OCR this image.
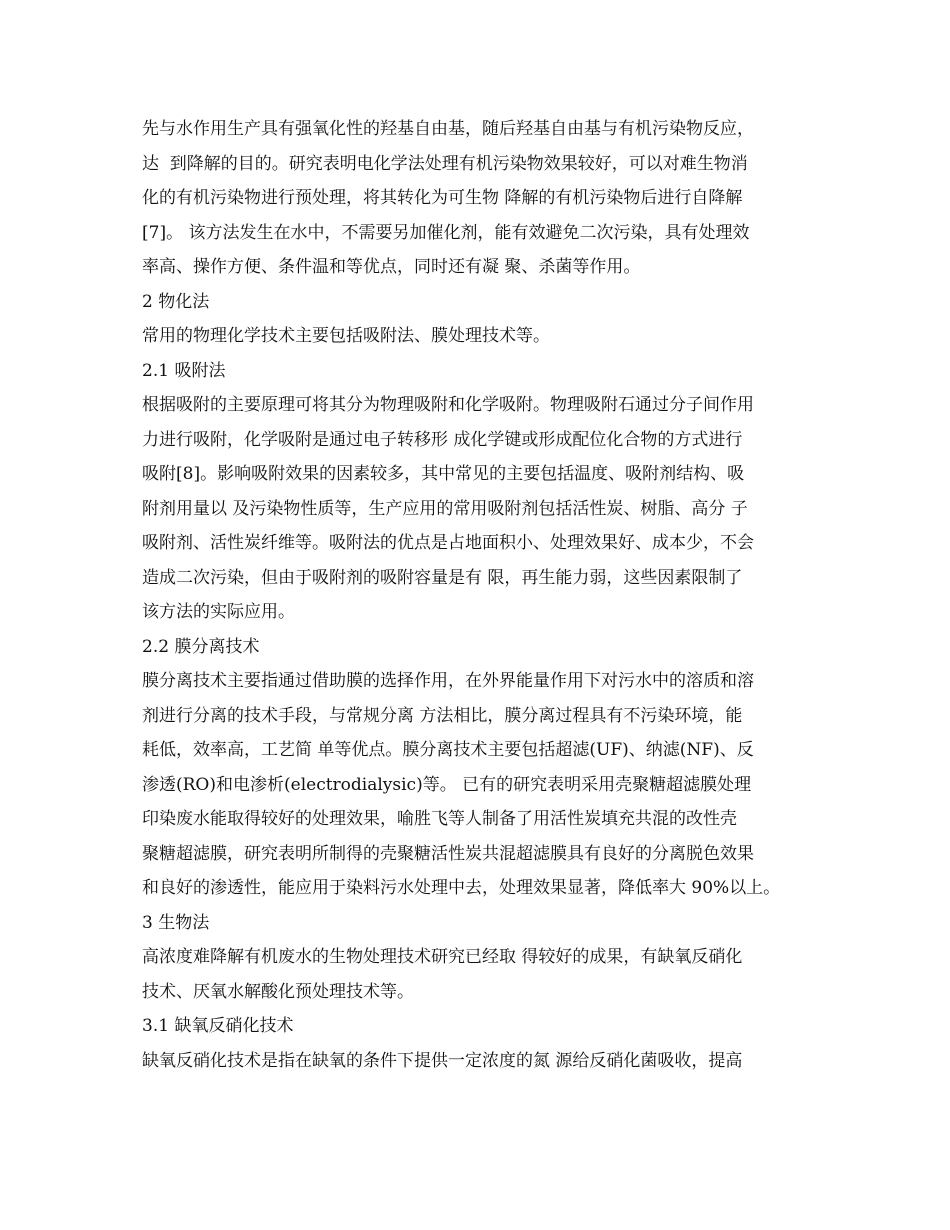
先与水作用生产具有强氧化性的羟基自由基，随后羟基自由基与有机污染物反应，
达  到降解的目的。研究表明电化学法处理有机污染物效果较好，可以对难生物消
化的有机污染物进行预处理，将其转化为可生物 降解的有机污染物后进行自降解
[7]。 该方法发生在水中，不需要另加催化剂，能有效避免二次污染，具有处理效
率高、操作方便、条件温和等优点，同时还有凝 聚、杀菌等作用。
2 物化法
常用的物理化学技术主要包括吸附法、膜处理技术等。
2.1 吸附法
根据吸附的主要原理可将其分为物理吸附和化学吸附。物理吸附石通过分子间作用
力进行吸附，化学吸附是通过电子转移形 成化学键或形成配位化合物的方式进行
吸附[8]。影响吸附效果的因素较多，其中常见的主要包括温度、吸附剂结构、吸
附剂用量以 及污染物性质等，生产应用的常用吸附剂包括活性炭、树脂、高分 子
吸附剂、活性炭纤维等。吸附法的优点是占地面积小、处理效果好、成本少，不会
造成二次污染，但由于吸附剂的吸附容量是有 限，再生能力弱，这些因素限制了
该方法的实际应用。
2.2 膜分离技术
膜分离技术主要指通过借助膜的选择作用，在外界能量作用下对污水中的溶质和溶
剂进行分离的技术手段，与常规分离 方法相比，膜分离过程具有不污染环境，能
耗低，效率高，工艺简 单等优点。膜分离技术主要包括超滤(UF)、纳滤(NF)、反
渗透(RO)和电渗析(electrodialysic)等。 已有的研究表明采用壳聚糖超滤膜处理
印染废水能取得较好的处理效果，喻胜飞等人制备了用活性炭填充共混的改性壳
聚糖超滤膜，研究表明所制得的壳聚糖活性炭共混超滤膜具有良好的分离脱色效果
和良好的渗透性，能应用于染料污水处理中去，处理效果显著，降低率大 90%以上。
3 生物法
高浓度难降解有机废水的生物处理技术研究已经取 得较好的成果，有缺氧反硝化
技术、厌氧水解酸化预处理技术等。
3.1 缺氧反硝化技术
缺氧反硝化技术是指在缺氧的条件下提供一定浓度的氮 源给反硝化菌吸收，提高
